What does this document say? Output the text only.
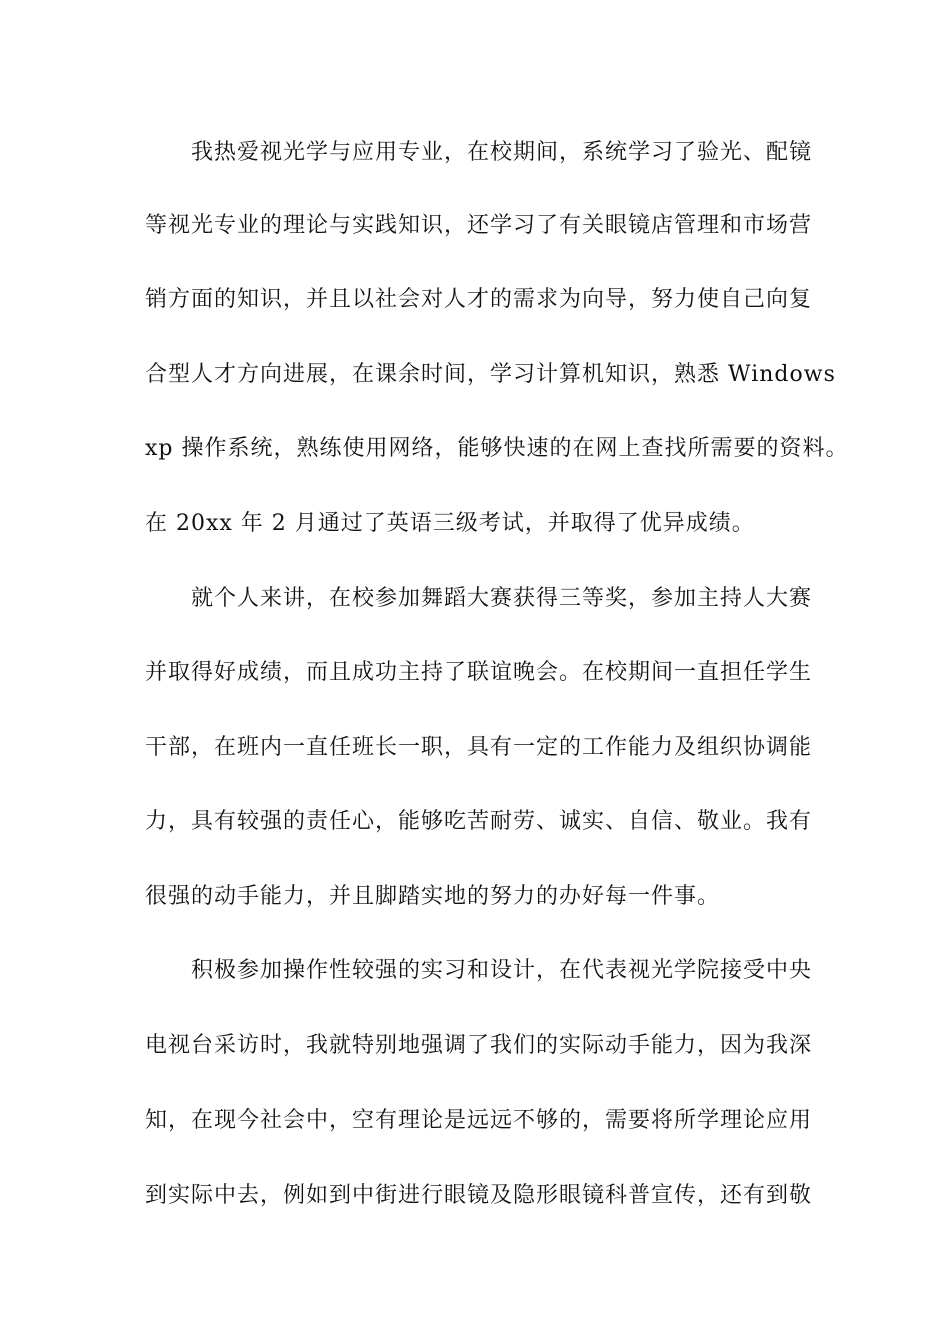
　　我热爱视光学与应用专业，在校期间，系统学习了验光、配镜
等视光专业的理论与实践知识，还学习了有关眼镜店管理和市场营
销方面的知识，并且以社会对人才的需求为向导，努力使自己向复
合型人才方向进展，在课余时间，学习计算机知识，熟悉 Windows
xp 操作系统，熟练使用网络，能够快速的在网上查找所需要的资料。
在 20xx 年 2 月通过了英语三级考试，并取得了优异成绩。
　　就个人来讲，在校参加舞蹈大赛获得三等奖，参加主持人大赛
并取得好成绩，而且成功主持了联谊晚会。在校期间一直担任学生
干部，在班内一直任班长一职，具有一定的工作能力及组织协调能
力，具有较强的责任心，能够吃苦耐劳、诚实、自信、敬业。我有
很强的动手能力，并且脚踏实地的努力的办好每一件事。
　　积极参加操作性较强的实习和设计，在代表视光学院接受中央
电视台采访时，我就特别地强调了我们的实际动手能力，因为我深
知，在现今社会中，空有理论是远远不够的，需要将所学理论应用
到实际中去，例如到中街进行眼镜及隐形眼镜科普宣传，还有到敬
